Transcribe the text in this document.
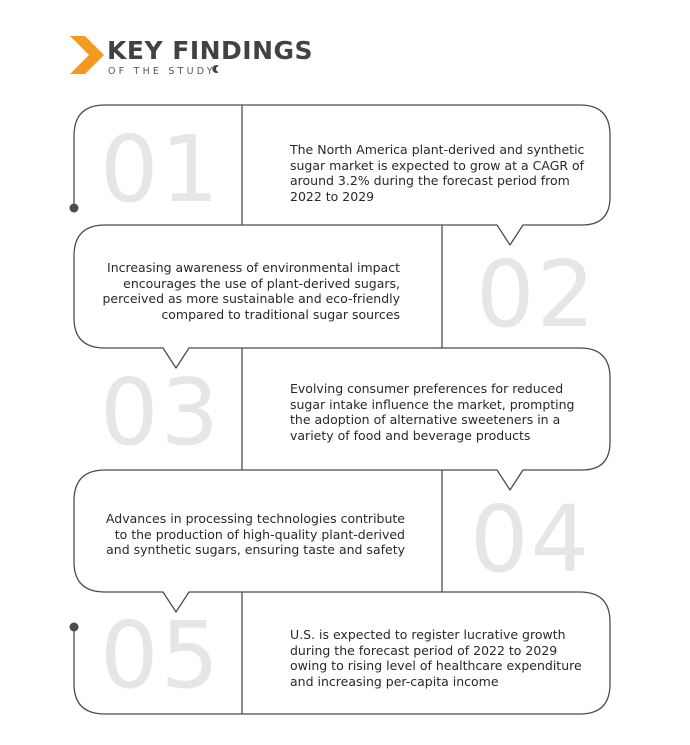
KEY FINDINGS
OF THE STUDY
01	The North America plant-derived and synthetic sugar market is expected to grow at a CAGR of around 3.2% during the forecast period from 2022 to 2029
02
Increasing awareness of environmental impact encourages the use of plant-derived sugars, perceived as more sustainable and eco-friendly compared to traditional sugar sources
03	Evolving consumer preferences for reduced sugar intake influence the market, prompting the adoption of alternative sweeteners in a variety of food and beverage products
04
Advances in processing technologies contribute to the production of high-quality plant-derived and synthetic sugars, ensuring taste and safety
05	U.S. is expected to register lucrative growth during the forecast period of 2022 to 2029 owing to rising level of healthcare expenditure and increasing per-capita income
